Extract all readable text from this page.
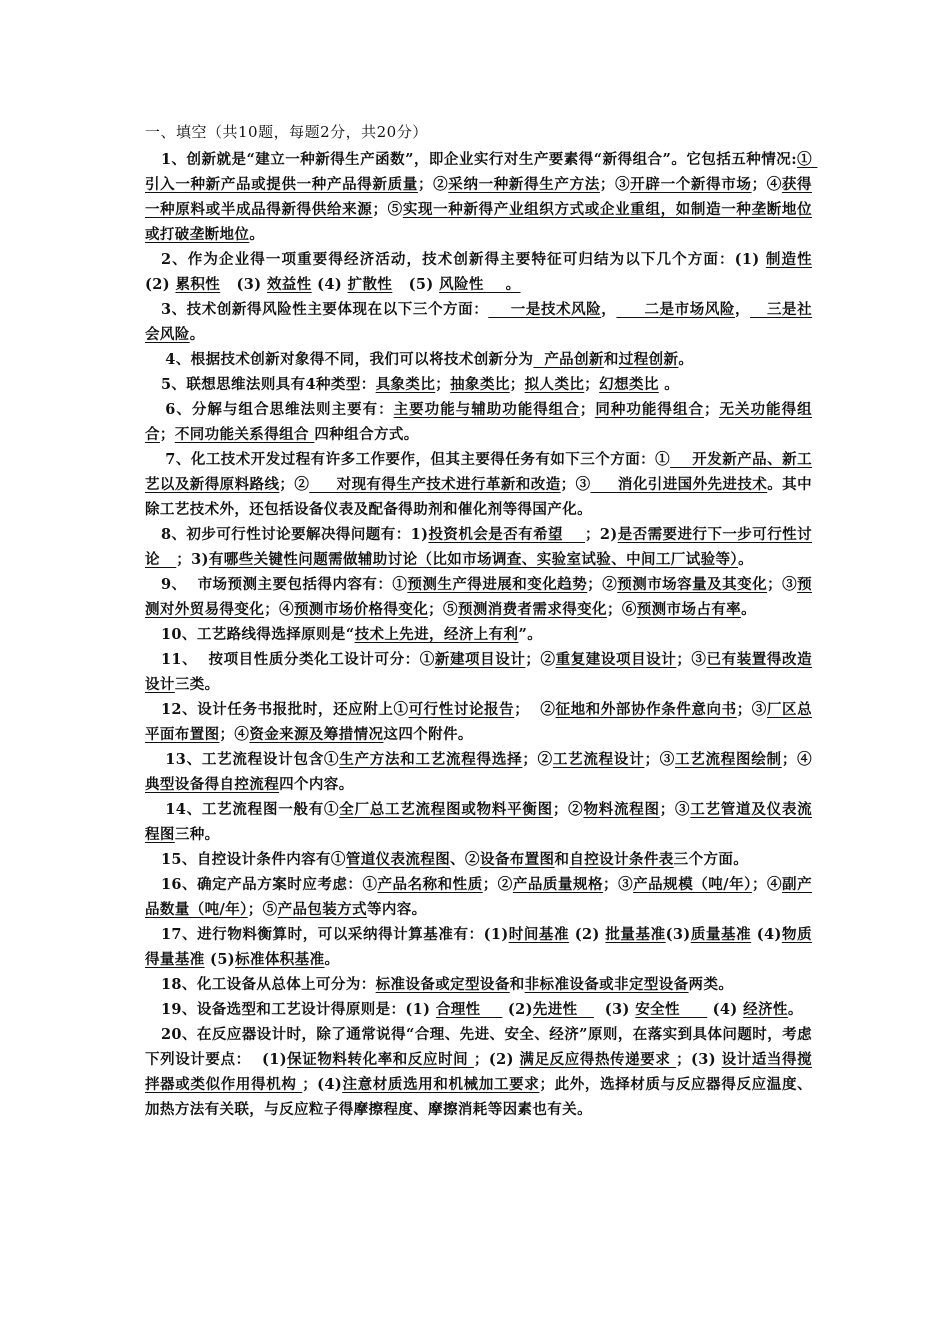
一、填空（共10题，每题2分，共20分）

1、创新就是“建立一种新得生产函数”，即企业实行对生产要素得“新得组合”。它包括五种情况:① 引入一种新产品或提供一种产品得新质量；②采纳一种新得生产方法；③开辟一个新得市场；④获得一种原料或半成品得新得供给来源；⑤实现一种新得产业组织方式或企业重组，如制造一种垄断地位或打破垄断地位。

2、作为企业得一项重要得经济活动，技术创新得主要特征可归结为以下几个方面：(1) 制造性    (2) 累积性   (3) 效益性 (4) 扩散性   (5) 风险性    。

3、技术创新得风险性主要体现在以下三个方面：    一是技术风险，     二是市场风险，   三是社会风险。

4、根据技术创新对象得不同，我们可以将技术创新分为  产品创新和过程创新。

5、联想思维法则具有4种类型：具象类比；抽象类比；拟人类比；幻想类比 。

6、分解与组合思维法则主要有：主要功能与辅助功能得组合；同种功能得组合；无关功能得组合；不同功能关系得组合 四种组合方式。

7、化工技术开发过程有许多工作要作，但其主要得任务有如下三个方面：①    开发新产品、新工艺以及新得原料路线；②     对现有得生产技术进行革新和改造；③     消化引进国外先进技术。其中除工艺技术外，还包括设备仪表及配备得助剂和催化剂等得国产化。

8、初步可行性讨论要解决得问题有：1)投资机会是否有希望    ；2)是否需要进行下一步可行性讨论   ；3)有哪些关键性问题需做辅助讨论（比如市场调查、实验室试验、中间工厂试验等）。

9、  市场预测主要包括得内容有：①预测生产得进展和变化趋势；②预测市场容量及其变化；③预测对外贸易得变化；④预测市场价格得变化；⑤预测消费者需求得变化；⑥预测市场占有率。

10、工艺路线得选择原则是“技术上先进，经济上有利”。

11、  按项目性质分类化工设计可分：①新建项目设计；②重复建设项目设计；③已有装置得改造设计三类。

12、设计任务书报批时，还应附上①可行性讨论报告；  ②征地和外部协作条件意向书；③厂区总平面布置图；④资金来源及筹措情况这四个附件。

13、工艺流程设计包含①生产方法和工艺流程得选择；②工艺流程设计；③工艺流程图绘制；④典型设备得自控流程四个内容。

14、工艺流程图一般有①全厂总工艺流程图或物料平衡图；②物料流程图；③工艺管道及仪表流程图三种。

15、自控设计条件内容有①管道仪表流程图、②设备布置图和自控设计条件表三个方面。

16、确定产品方案时应考虑：①产品名称和性质；②产品质量规格；③产品规模（吨/年）；④副产品数量（吨/年）；⑤产品包装方式等内容。

17、进行物料衡算时，可以采纳得计算基准有：(1)时间基准 (2) 批量基准(3)质量基准 (4)物质得量基准 (5)标准体积基准。

18、化工设备从总体上可分为：标准设备或定型设备和非标准设备或非定型设备两类。

19、设备选型和工艺设计得原则是：(1) 合理性     (2)先进性     (3) 安全性      (4) 经济性。

20、在反应器设计时，除了通常说得“合理、先进、安全、经济”原则，在落实到具体问题时，考虑下列设计要点：  (1)保证物料转化率和反应时间 ；(2) 满足反应得热传递要求 ；(3) 设计适当得搅拌器或类似作用得机构 ；(4)注意材质选用和机械加工要求；此外，选择材质与反应器得反应温度、加热方法有关联，与反应粒子得摩擦程度、摩擦消耗等因素也有关。
